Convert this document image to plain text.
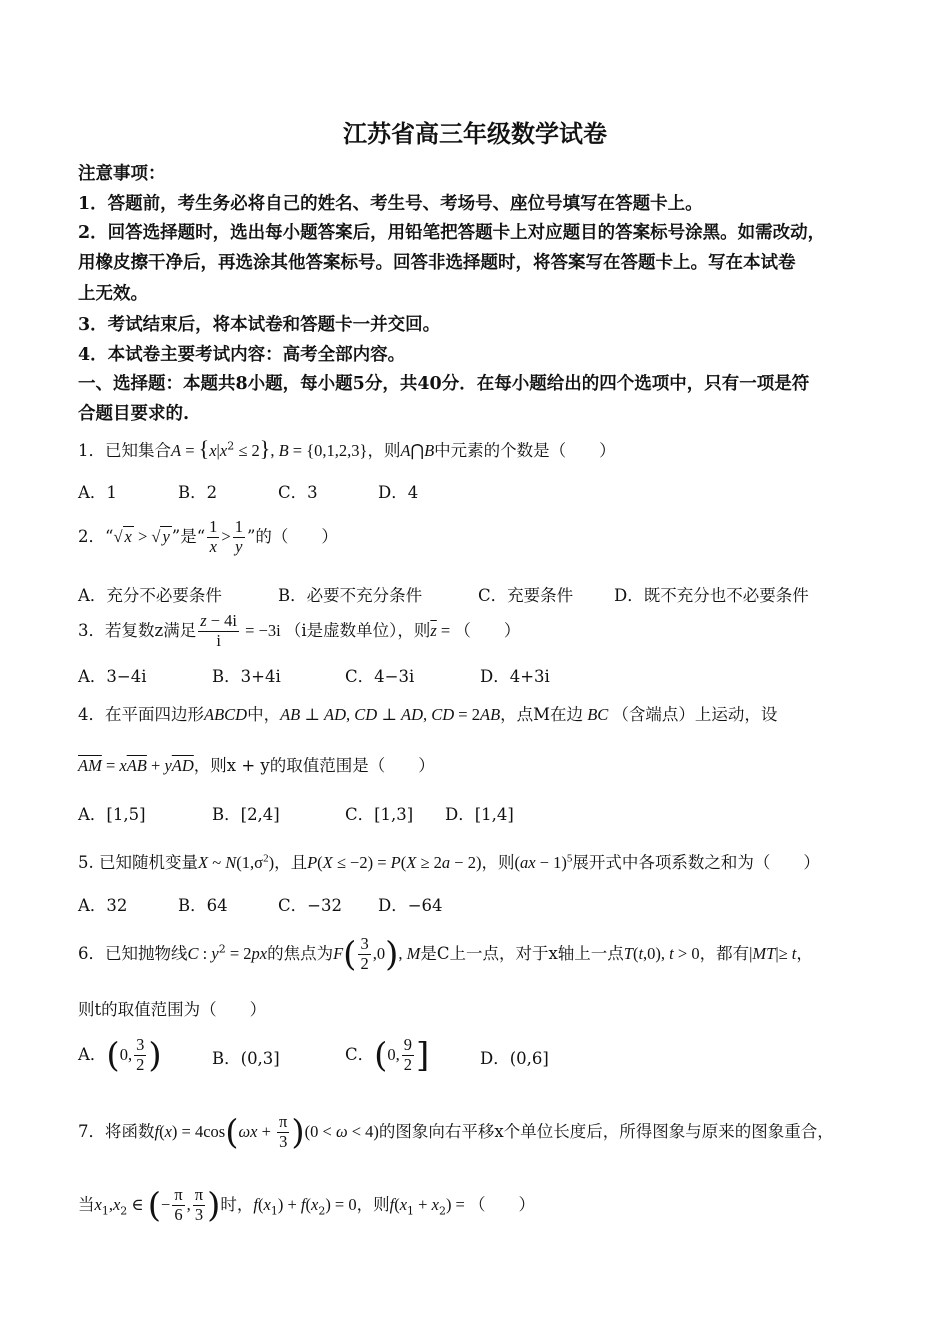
江苏省高三年级数学试卷
注意事项：
1．答题前，考生务必将自己的姓名、考生号、考场号、座位号填写在答题卡上。
2．回答选择题时，选出每小题答案后，用铅笔把答题卡上对应题目的答案标号涂黑。如需改动，
用橡皮擦干净后，再选涂其他答案标号。回答非选择题时，将答案写在答题卡上。写在本试卷
上无效。
3．考试结束后，将本试卷和答题卡一并交回。
4．本试卷主要考试内容：高考全部内容。
一、选择题：本题共8小题，每小题5分，共40分．在每小题给出的四个选项中，只有一项是符
合题目要求的.
1．已知集合$A = \{x|x^2 \le 2\}$, B = {0,1,2,3}，则A⋂B中元素的个数是（　　）
A．1	B．2	C．3	D．4
2．“√ x > √ y ”是“ $\frac{1}{x} > \frac{1}{y}$ ”的（　　）
A．充分不必要条件	B．必要不充分条件	C．充要条件 D．既不充分也不必要条件
3．若复数z满足 $\frac{z - 4i}{i} = -3i$ （i是虚数单位），则$\overline{z}$ = （　　）
A．3−4i	B．3+4i	C．4−3i	D．4+3i
4．在平面四边形ABCD中，AB ⊥ AD, CD ⊥ AD, CD = 2AB，点M在边 BC （含端点）上运动，设
$\overline{AM} = x\overline{AB} + y\overline{AD}$，则x + y的取值范围是（　　）
A．[1,5]	B．[2,4]	C．[1,3] D．[1,4]
5. 已知随机变量X ~ $N(1,\sigma^2)$，且P(X ≤ −2) = P(X ≥ 2a − 2)，则(ax − 1)$^5$展开式中各项系数之和为（　　）
A．32	B．64	C．−32 D．−64
6．已知抛物线C : $y^2 = 2px$的焦点为$F( \frac{3}{2} ,0)$, M是C上一点，对于x轴上一点T(t,0), t > 0，都有|MT|≥ t，
则t的取值范围为（　　）
A．(0, $\frac{3}{2}$ )	B．(0,3]	C．(0, $\frac{9}{2}$ ]	D．(0,6]
7．将函数$f(x) = 4\cos(\omega x + \frac{\pi}{3} )(0 < \omega < 4)$的图象向右平移x个单位长度后，所得图象与原来的图象重合，
当$x_1,x_2$ ∈ (− $\frac{\pi}{6}$ , $\frac{\pi}{3}$ )时，$f(x_1) + f(x_2) = 0$，则$f(x_1 + x_2)$ = （　　）
